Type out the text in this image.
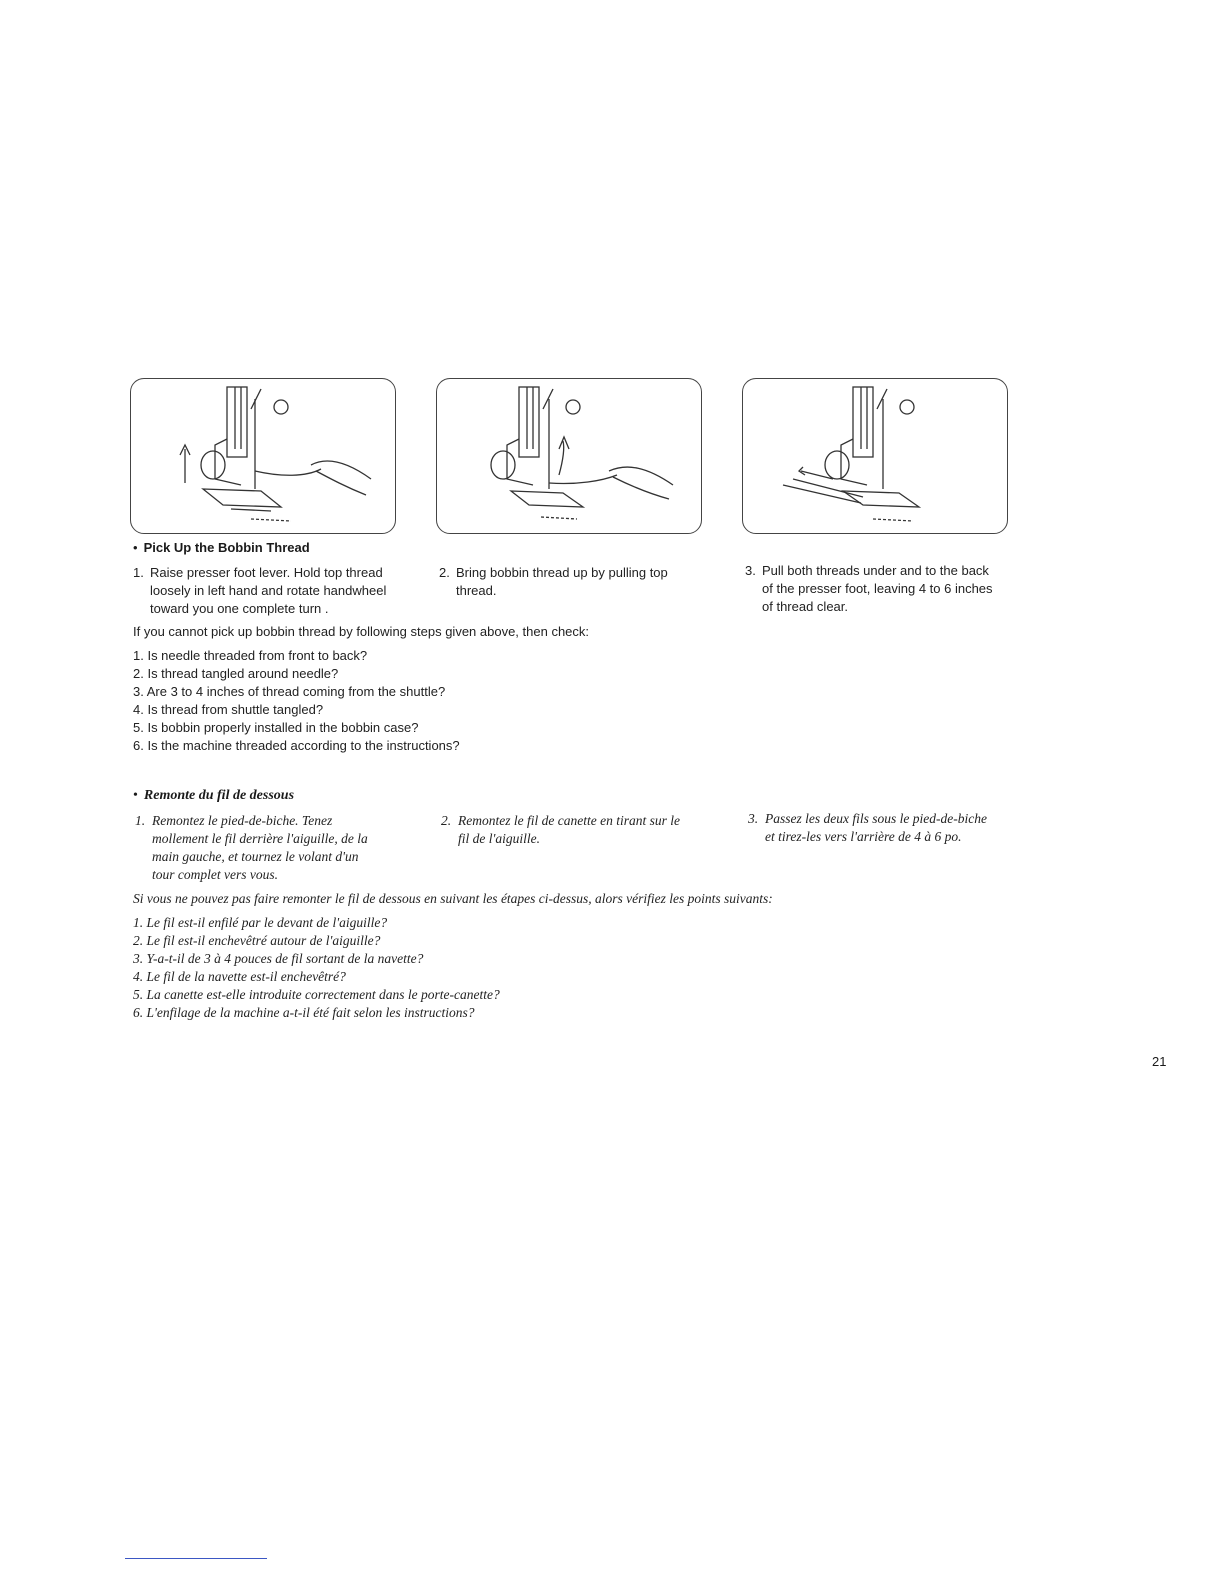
• Pick Up the Bobbin Thread
1. Raise presser foot lever. Hold top thread
loosely in left hand and rotate handwheel
toward you one complete turn .
2. Bring bobbin thread up by pulling top
thread.
3. Pull both threads under and to the back
of the presser foot, leaving 4 to 6 inches
of thread clear.
If you cannot pick up bobbin thread by following steps given above, then check:
1. Is needle threaded from front to back?
2. Is thread tangled around needle?
3. Are 3 to 4 inches of thread coming from the shuttle?
4. Is thread from shuttle tangled?
5. Is bobbin properly installed in the bobbin case?
6. Is the machine threaded according to the instructions?
• Remonte du fil de dessous
1. Remontez le pied-de-biche. Tenez
mollement le fil derrière l'aiguille, de la
main gauche, et tournez le volant d'un
tour complet vers vous.
2. Remontez le fil de canette en tirant sur le
fil de l'aiguille.
3. Passez les deux fils sous le pied-de-biche
et tirez-les vers l'arrière de 4 à 6 po.
Si vous ne pouvez pas faire remonter le fil de dessous en suivant les étapes ci-dessus, alors vérifiez les points suivants:
1. Le fil est-il enfilé par le devant de l'aiguille?
2. Le fil est-il enchevêtré autour de l'aiguille?
3. Y-a-t-il de 3 à 4 pouces de fil sortant de la navette?
4. Le fil de la navette est-il enchevêtré?
5. La canette est-elle introduite correctement dans le porte-canette?
6. L'enfilage de la machine a-t-il été fait selon les instructions?
21
